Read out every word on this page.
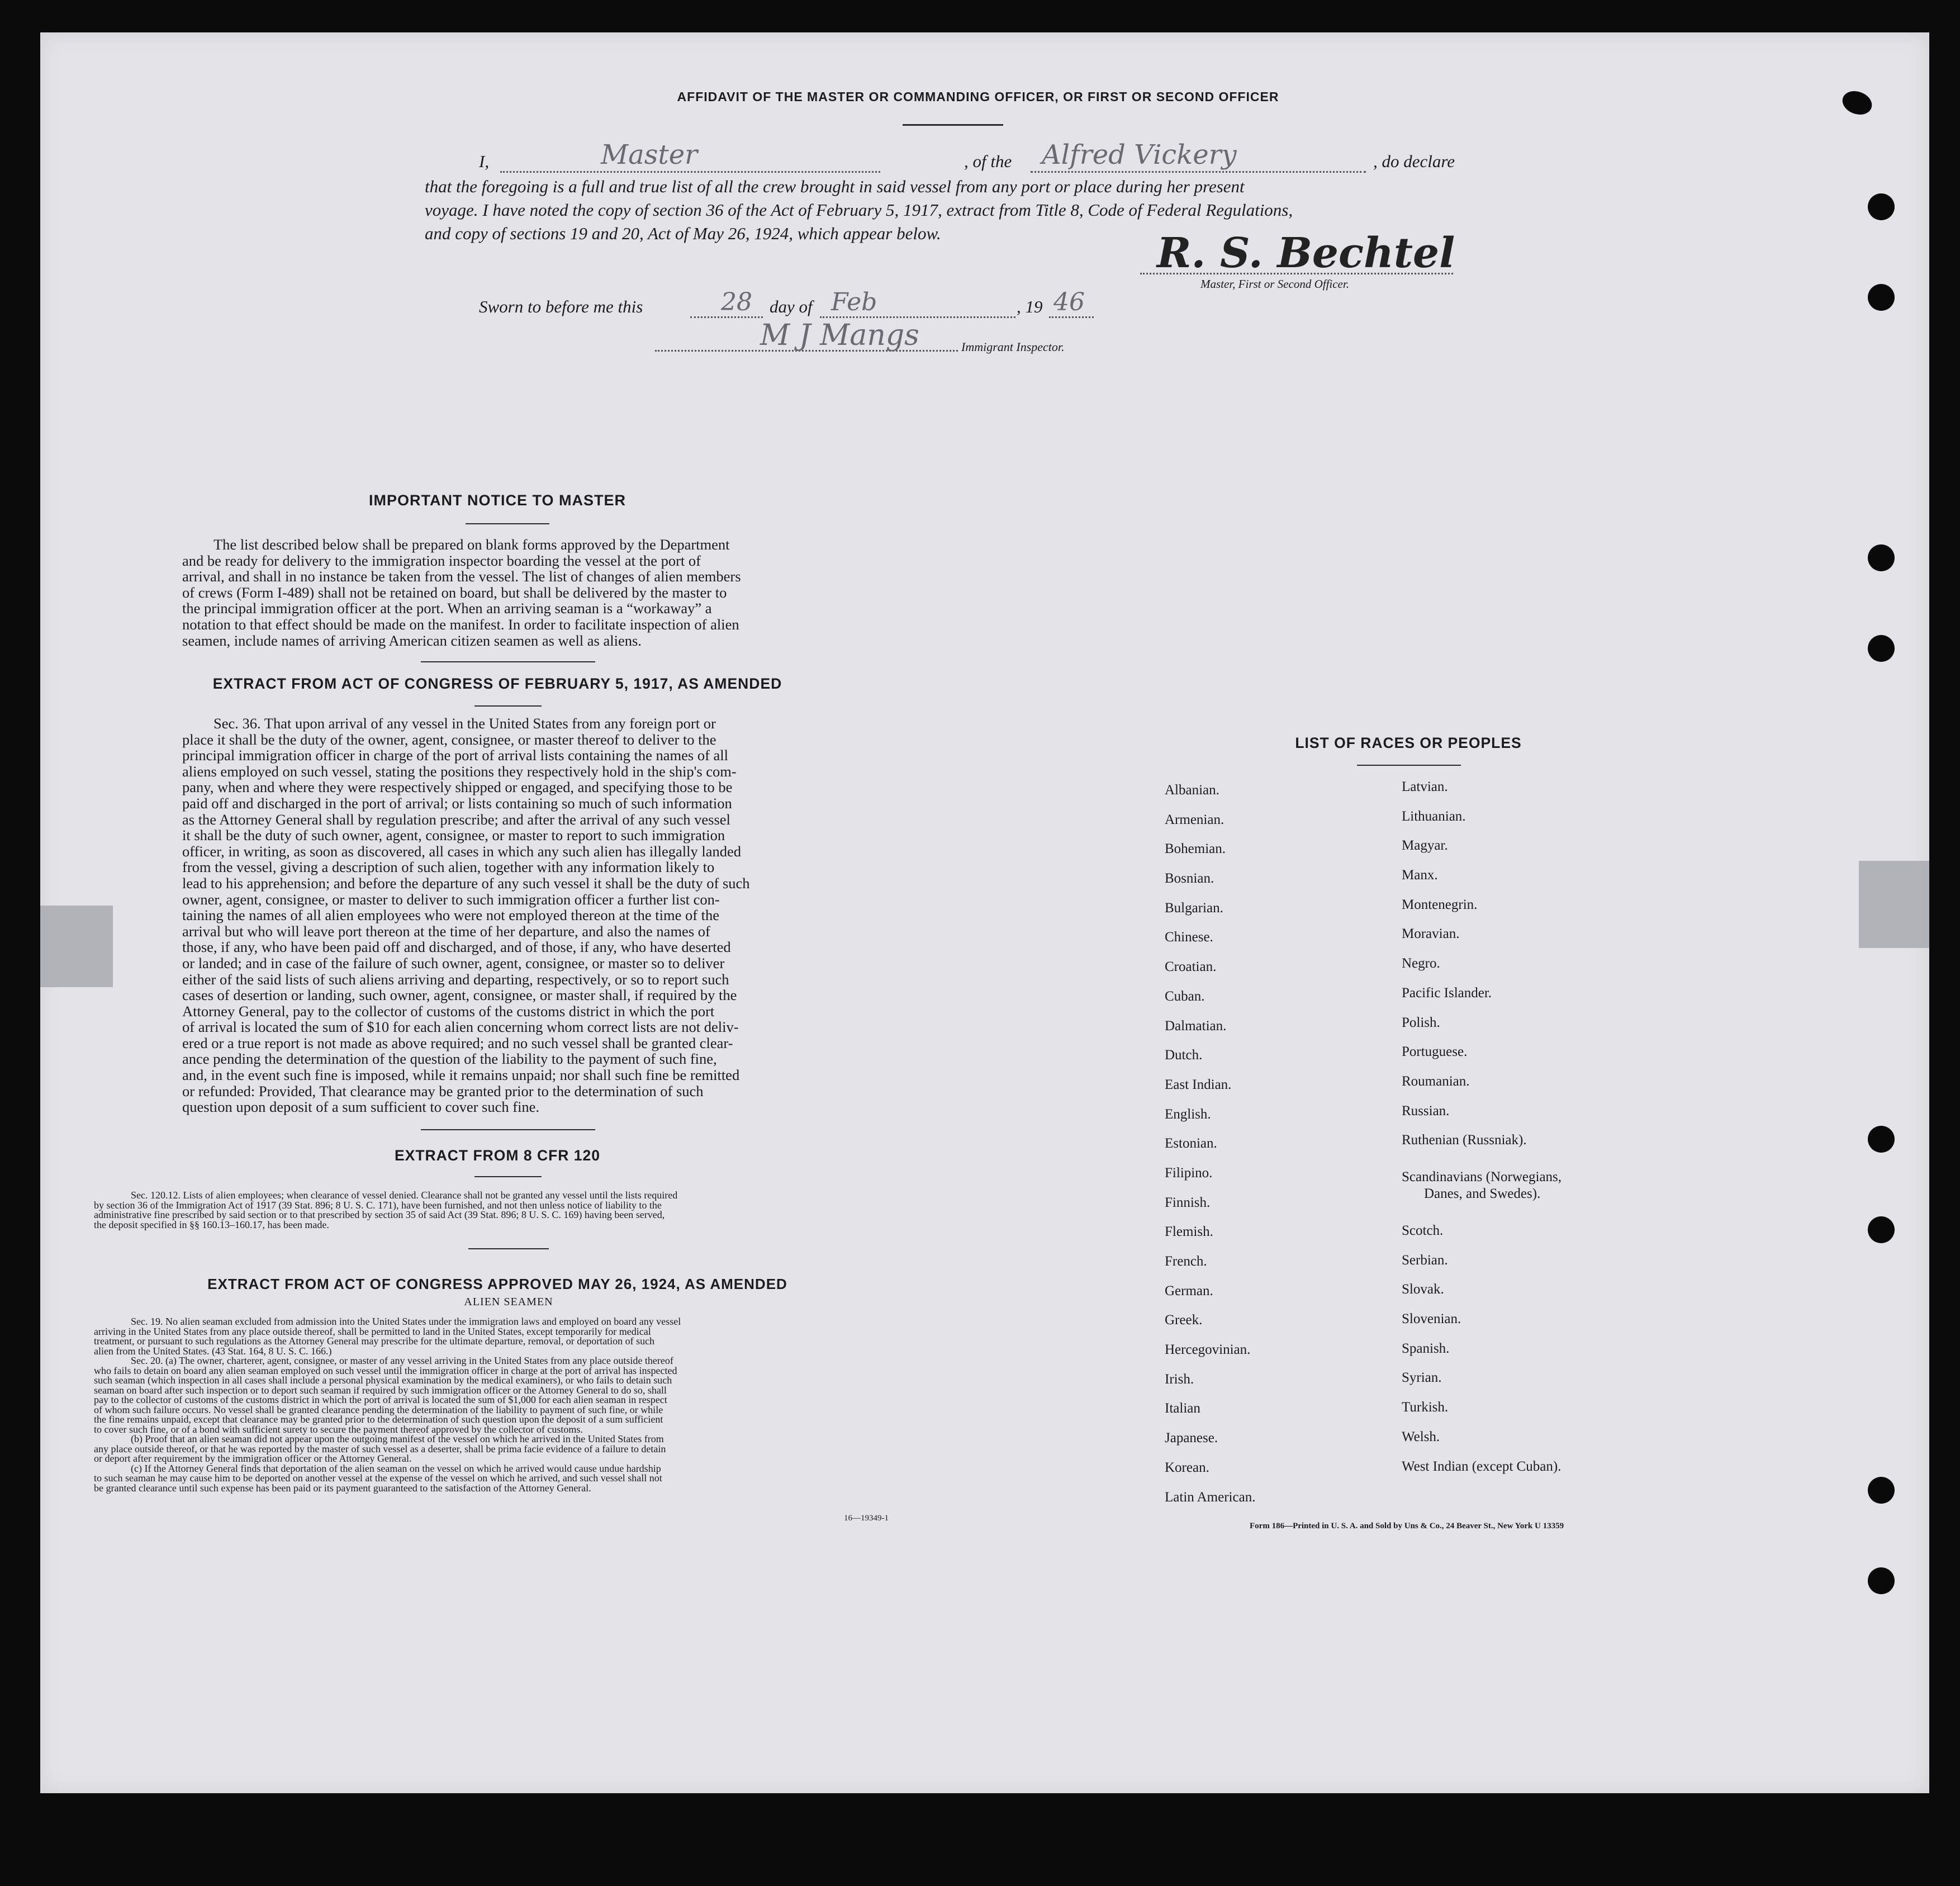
AFFIDAVIT OF THE MASTER OR COMMANDING OFFICER, OR FIRST OR SECOND OFFICER
I,	Master	, of the Alfred Vickery	, do declare
that the foregoing is a full and true list of all the crew brought in said vessel from any port or place during her present
voyage. I have noted the copy of section 36 of the Act of February 5, 1917, extract from Title 8, Code of Federal Regulations,
and copy of sections 19 and 20, Act of May 26, 1924, which appear below.	R. S. Bechtel
Master, First or Second Officer.
Sworn to before me this	28 day of Feb	, 19 46
M J Mangs	Immigrant Inspector.
IMPORTANT NOTICE TO MASTER
The list described below shall be prepared on blank forms approved by the Department
and be ready for delivery to the immigration inspector boarding the vessel at the port of
arrival, and shall in no instance be taken from the vessel. The list of changes of alien members
of crews (Form I-489) shall not be retained on board, but shall be delivered by the master to
the principal immigration officer at the port. When an arriving seaman is a “workaway” a
notation to that effect should be made on the manifest. In order to facilitate inspection of alien
seamen, include names of arriving American citizen seamen as well as aliens.
EXTRACT FROM ACT OF CONGRESS OF FEBRUARY 5, 1917, AS AMENDED
Sec. 36. That upon arrival of any vessel in the United States from any foreign port or
place it shall be the duty of the owner, agent, consignee, or master thereof to deliver to the
principal immigration officer in charge of the port of arrival lists containing the names of all
aliens employed on such vessel, stating the positions they respectively hold in the ship's com-
pany, when and where they were respectively shipped or engaged, and specifying those to be
paid off and discharged in the port of arrival; or lists containing so much of such information
as the Attorney General shall by regulation prescribe; and after the arrival of any such vessel
it shall be the duty of such owner, agent, consignee, or master to report to such immigration
officer, in writing, as soon as discovered, all cases in which any such alien has illegally landed
from the vessel, giving a description of such alien, together with any information likely to
lead to his apprehension; and before the departure of any such vessel it shall be the duty of such
owner, agent, consignee, or master to deliver to such immigration officer a further list con-
taining the names of all alien employees who were not employed thereon at the time of the
arrival but who will leave port thereon at the time of her departure, and also the names of
those, if any, who have been paid off and discharged, and of those, if any, who have deserted
or landed; and in case of the failure of such owner, agent, consignee, or master so to deliver
either of the said lists of such aliens arriving and departing, respectively, or so to report such
cases of desertion or landing, such owner, agent, consignee, or master shall, if required by the
Attorney General, pay to the collector of customs of the customs district in which the port
of arrival is located the sum of $10 for each alien concerning whom correct lists are not deliv-
ered or a true report is not made as above required; and no such vessel shall be granted clear-
ance pending the determination of the question of the liability to the payment of such fine,
and, in the event such fine is imposed, while it remains unpaid; nor shall such fine be remitted
or refunded: Provided, That clearance may be granted prior to the determination of such
question upon deposit of a sum sufficient to cover such fine.
EXTRACT FROM 8 CFR 120
Sec. 120.12. Lists of alien employees; when clearance of vessel denied. Clearance shall not be granted any vessel until the lists required
by section 36 of the Immigration Act of 1917 (39 Stat. 896; 8 U. S. C. 171), have been furnished, and not then unless notice of liability to the
administrative fine prescribed by said section or to that prescribed by section 35 of said Act (39 Stat. 896; 8 U. S. C. 169) having been served,
the deposit specified in §§ 160.13–160.17, has been made.
EXTRACT FROM ACT OF CONGRESS APPROVED MAY 26, 1924, AS AMENDED
ALIEN SEAMEN
Sec. 19. No alien seaman excluded from admission into the United States under the immigration laws and employed on board any vessel
arriving in the United States from any place outside thereof, shall be permitted to land in the United States, except temporarily for medical
treatment, or pursuant to such regulations as the Attorney General may prescribe for the ultimate departure, removal, or deportation of such
alien from the United States. (43 Stat. 164, 8 U. S. C. 166.)
Sec. 20. (a) The owner, charterer, agent, consignee, or master of any vessel arriving in the United States from any place outside thereof
who fails to detain on board any alien seaman employed on such vessel until the immigration officer in charge at the port of arrival has inspected
such seaman (which inspection in all cases shall include a personal physical examination by the medical examiners), or who fails to detain such
seaman on board after such inspection or to deport such seaman if required by such immigration officer or the Attorney General to do so, shall
pay to the collector of customs of the customs district in which the port of arrival is located the sum of $1,000 for each alien seaman in respect
of whom such failure occurs. No vessel shall be granted clearance pending the determination of the liability to payment of such fine, or while
the fine remains unpaid, except that clearance may be granted prior to the determination of such question upon the deposit of a sum sufficient
to cover such fine, or of a bond with sufficient surety to secure the payment thereof approved by the collector of customs.
(b) Proof that an alien seaman did not appear upon the outgoing manifest of the vessel on which he arrived in the United States from
any place outside thereof, or that he was reported by the master of such vessel as a deserter, shall be prima facie evidence of a failure to detain
or deport after requirement by the immigration officer or the Attorney General.
(c) If the Attorney General finds that deportation of the alien seaman on the vessel on which he arrived would cause undue hardship
to such seaman he may cause him to be deported on another vessel at the expense of the vessel on which he arrived, and such vessel shall not
be granted clearance until such expense has been paid or its payment guaranteed to the satisfaction of the Attorney General.
16—19349-1
LIST OF RACES OR PEOPLES
Albanian.
Armenian.
Bohemian.
Bosnian.
Bulgarian.
Chinese.
Croatian.
Cuban.
Dalmatian.
Dutch.
East Indian.
English.
Estonian.
Filipino.
Finnish.
Flemish.
French.
German.
Greek.
Hercegovinian.
Irish.
Italian
Japanese.
Korean.
Latin American.
Latvian.
Lithuanian.
Magyar.
Manx.
Montenegrin.
Moravian.
Negro.
Pacific Islander.
Polish.
Portuguese.
Roumanian.
Russian.
Ruthenian (Russniak).
Scandinavians (Norwegians,
Danes, and Swedes).
Scotch.
Serbian.
Slovak.
Slovenian.
Spanish.
Syrian.
Turkish.
Welsh.
West Indian (except Cuban).
Form 186—Printed in U. S. A. and Sold by Uns & Co., 24 Beaver St., New York U 13359
